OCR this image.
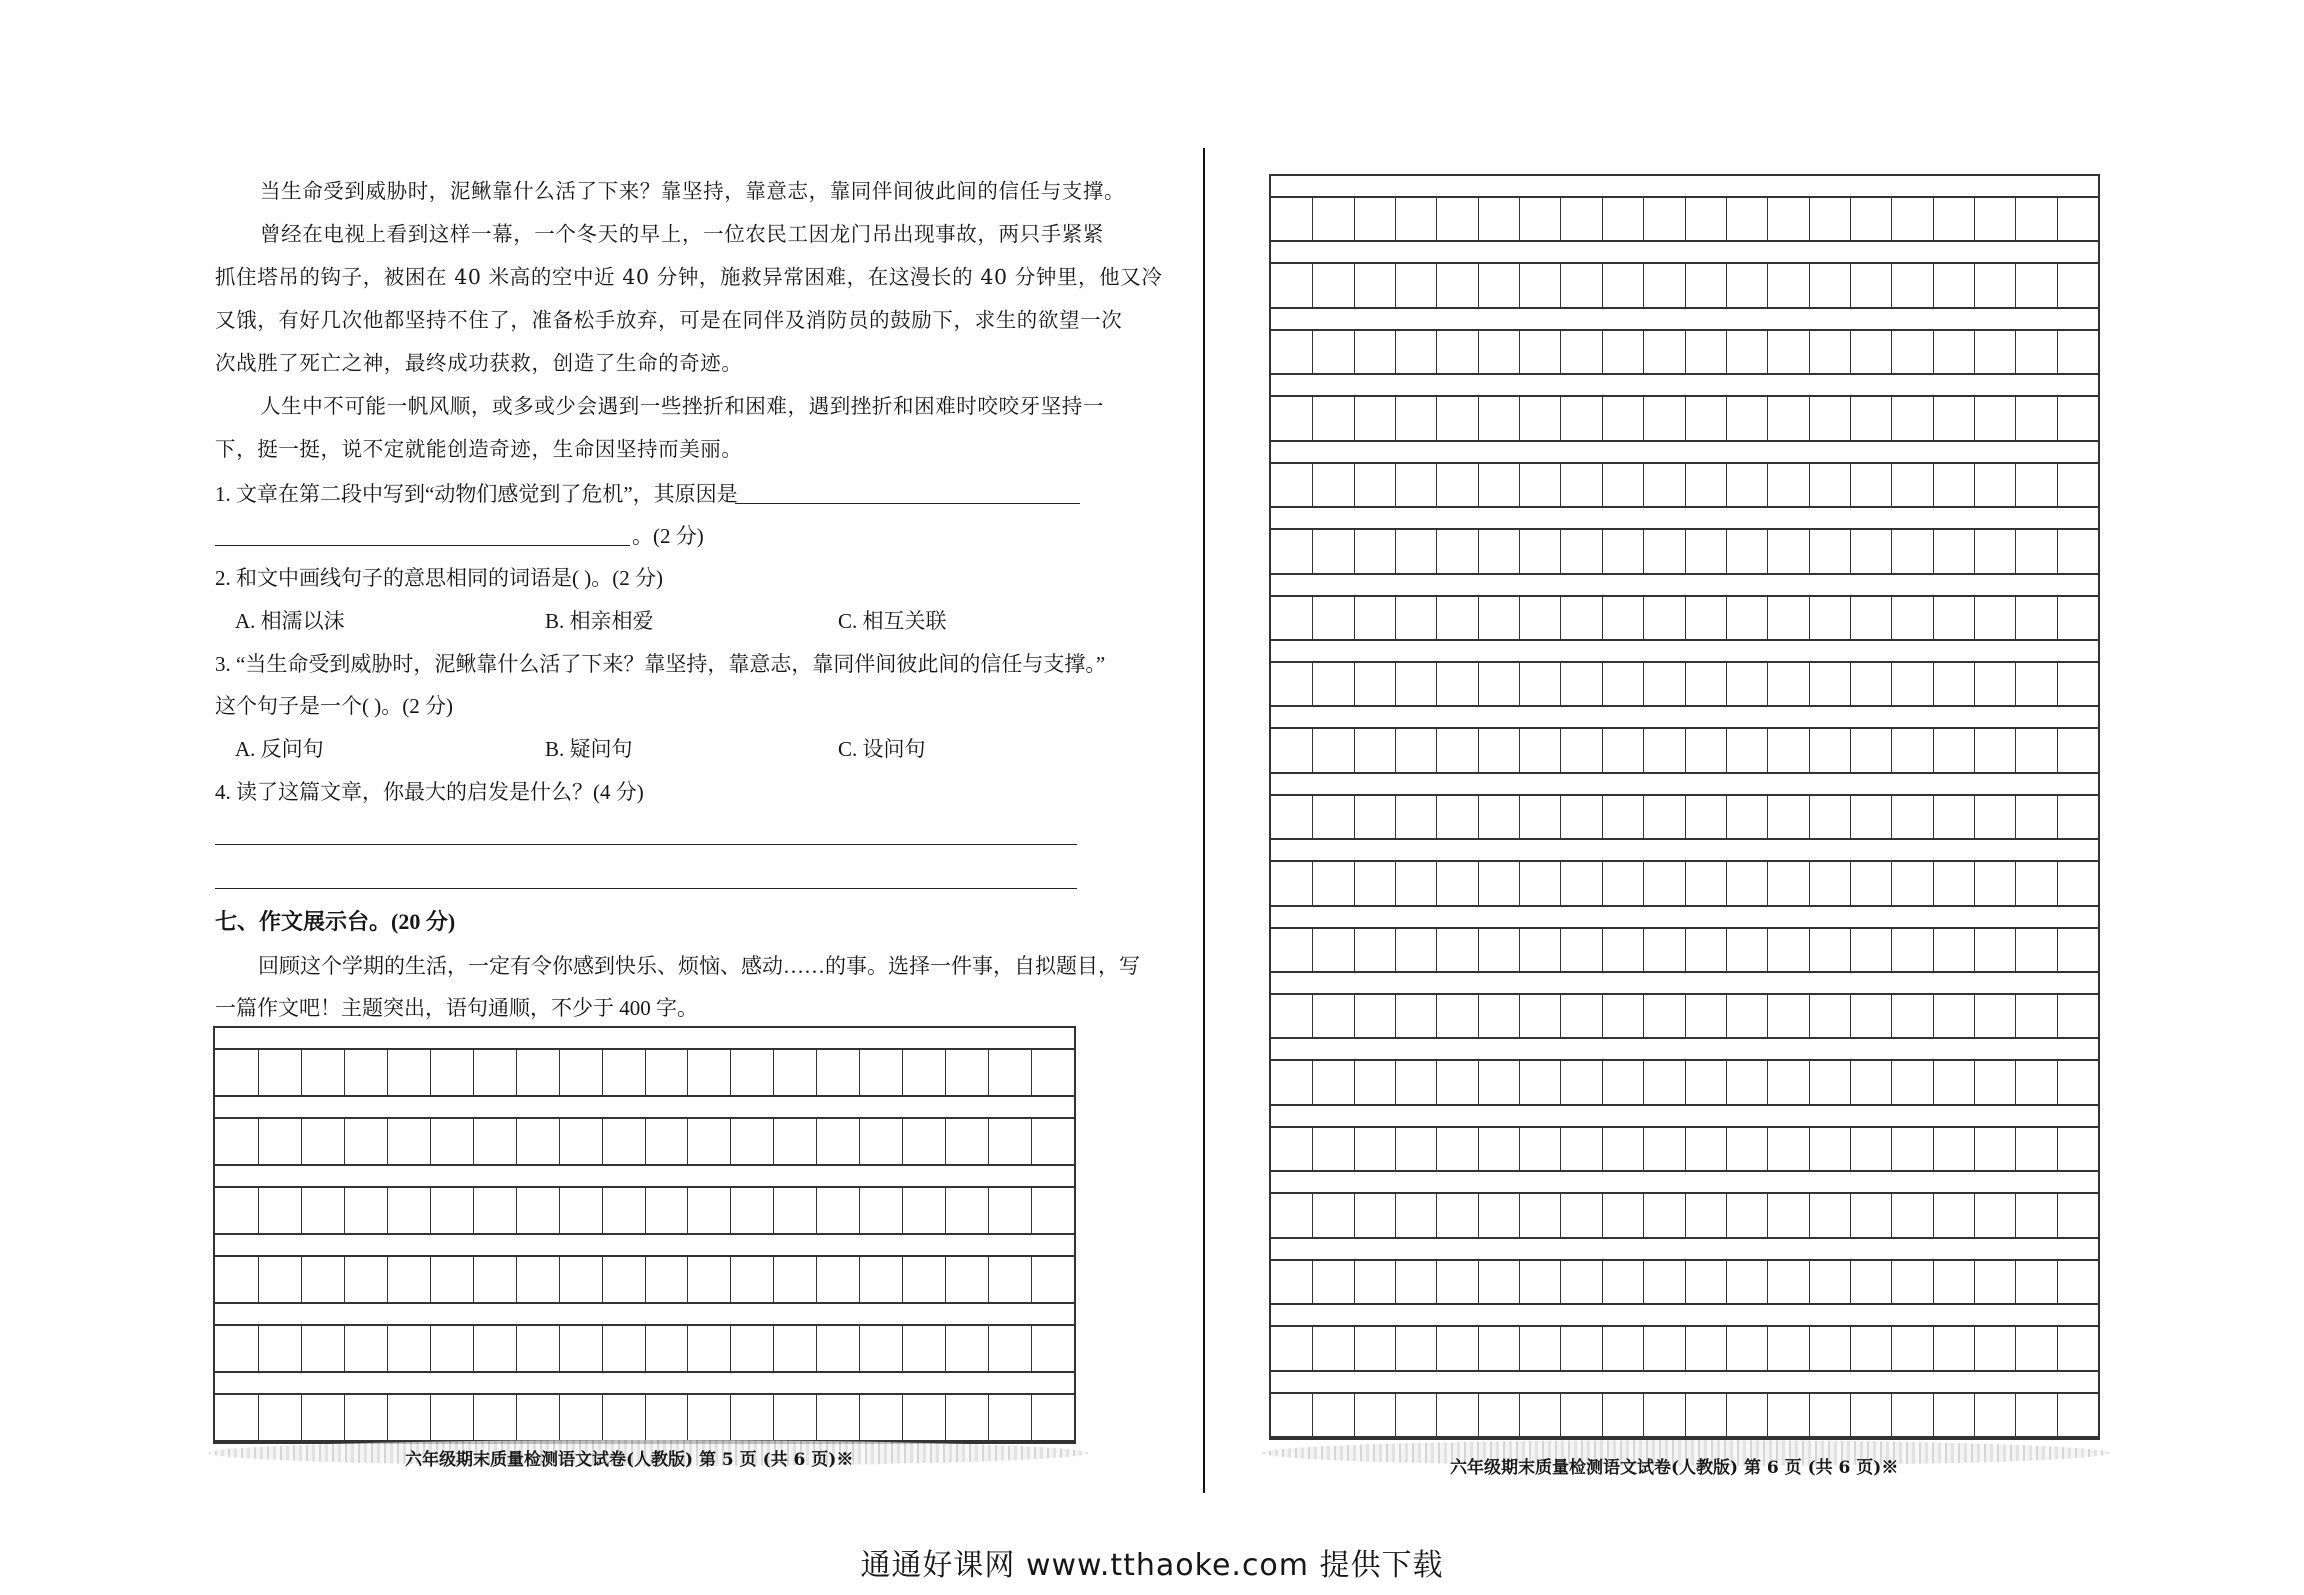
当生命受到威胁时，泥鳅靠什么活了下来？靠坚持，靠意志，靠同伴间彼此间的信任与支撑。
曾经在电视上看到这样一幕，一个冬天的早上，一位农民工因龙门吊出现事故，两只手紧紧
抓住塔吊的钩子，被困在 40 米高的空中近 40 分钟，施救异常困难，在这漫长的 40 分钟里，他又冷
又饿，有好几次他都坚持不住了，准备松手放弃，可是在同伴及消防员的鼓励下，求生的欲望一次
次战胜了死亡之神，最终成功获救，创造了生命的奇迹。
人生中不可能一帆风顺，或多或少会遇到一些挫折和困难，遇到挫折和困难时咬咬牙坚持一
下，挺一挺，说不定就能创造奇迹，生命因坚持而美丽。
1. 文章在第二段中写到“动物们感觉到了危机”，其原因是
。(2 分)
2. 和文中画线句子的意思相同的词语是( )。(2 分)
A. 相濡以沫	B. 相亲相爱	C. 相互关联
3. “当生命受到威胁时，泥鳅靠什么活了下来？靠坚持，靠意志，靠同伴间彼此间的信任与支撑。”
这个句子是一个( )。(2 分)
A. 反问句	B. 疑问句	C. 设问句
4. 读了这篇文章，你最大的启发是什么？(4 分)
七、作文展示台。(20 分)
回顾这个学期的生活，一定有令你感到快乐、烦恼、感动……的事。选择一件事，自拟题目，写
一篇作文吧！主题突出，语句通顺，不少于 400 字。
六年级期末质量检测语文试卷(人教版) 第 5 页 (共 6 页)※	六年级期末质量检测语文试卷(人教版) 第 6 页 (共 6 页)※
通通好课网 www.tthaoke.com 提供下载
